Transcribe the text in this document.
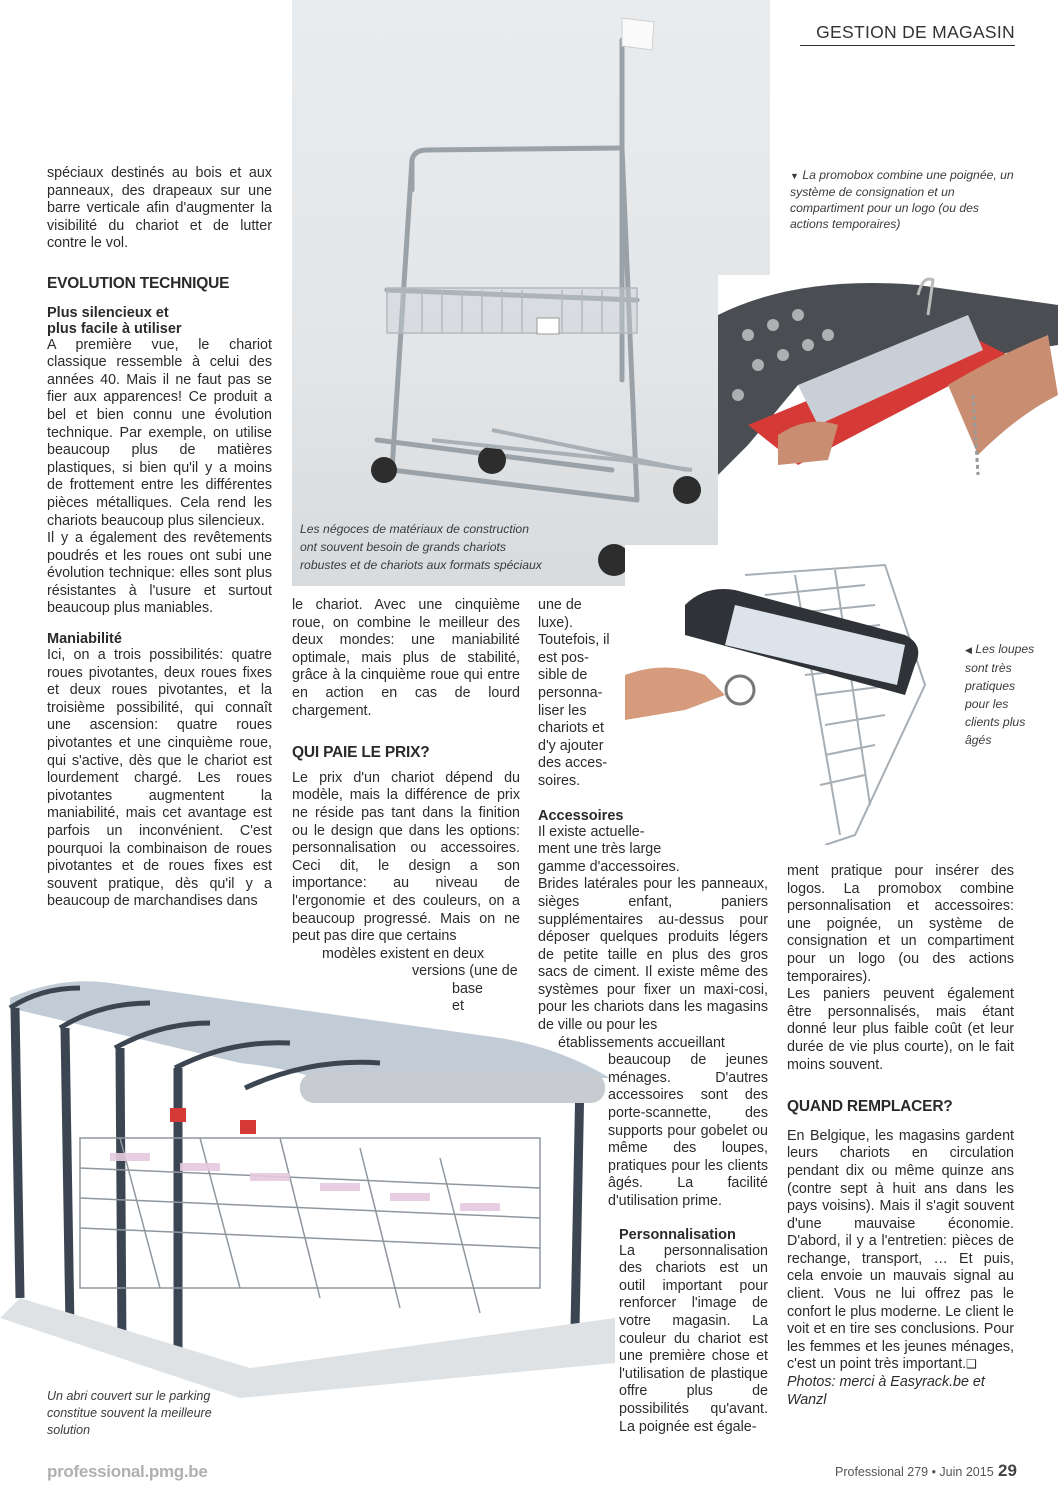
GESTION DE MAGASIN
Les négoces de matériaux de construction ont souvent besoin de grands chariots robustes et de chariots aux formats spéciaux
▼ La promobox combine une poignée, un système de consignation et un compartiment pour un logo (ou des actions temporaires)
◀ Les loupes sont très pratiques pour les clients plus âgés
Un abri couvert sur le parking constitue souvent la meilleure solution

spéciaux destinés au bois et aux panneaux, des drapeaux sur une barre verticale afin d'augmenter la visibilité du chariot et de lutter contre le vol.

EVOLUTION TECHNIQUE

Plus silencieux et

plus facile à utiliser

A première vue, le chariot classique ressemble à celui des années 40. Mais il ne faut pas se fier aux apparences! Ce produit a bel et bien connu une évolution technique. Par exemple, on utilise beaucoup plus de matières plastiques, si bien qu'il y a moins de frottement entre les différentes pièces métalliques. Cela rend les chariots beaucoup plus silencieux.

Il y a également des revêtements poudrés et les roues ont subi une évolution technique: elles sont plus résistantes à l'usure et surtout beaucoup plus maniables.

Maniabilité

Ici, on a trois possibilités: quatre roues pivotantes, deux roues fixes et deux roues pivotantes, et la troisième possibilité, qui connaît une ascension: quatre roues pivotantes et une cinquième roue, qui s'active, dès que le chariot est lourdement chargé. Les roues pivotantes augmentent la maniabilité, mais cet avantage est parfois un inconvénient. C'est pourquoi la combinaison de roues pivotantes et de roues fixes est souvent pratique, dès qu'il y a beaucoup de marchandises dans

le chariot. Avec une cinquième roue, on combine le meilleur des deux mondes: une maniabilité optimale, mais plus de stabilité, grâce à la cinquième roue qui entre en action en cas de lourd chargement.

QUI PAIE LE PRIX?

Le prix d'un chariot dépend du modèle, mais la différence de prix ne réside pas tant dans la finition ou le design que dans les options: personnalisation ou accessoires. Ceci dit, le design a son importance: au niveau de l'ergonomie et des couleurs, on a beaucoup progressé. Mais on ne peut pas dire que certains

modèles existent en deux

versions (une de

base et

une de luxe).

Toutefois, il

est pos-

sible de

personna-

liser les

chariots et

d'y ajouter

des acces-

soires.

Accessoires

Il existe actuelle-

ment une très large

gamme d'accessoires.

Brides latérales pour les panneaux, sièges enfant, paniers supplémentaires au-dessus pour déposer quelques produits légers de petite taille en plus des gros sacs de ciment. Il existe même des systèmes pour fixer un maxi-cosi, pour les chariots dans les magasins de ville ou pour les

établissements accueillant

beaucoup de jeunes ménages. D'autres accessoires sont des porte-scannette, des supports pour gobelet ou même des loupes, pratiques pour les clients âgés. La facilité d'utilisation prime.

Personnalisation

La personnalisation des chariots est un outil important pour renforcer l'image de votre magasin. La couleur du chariot est une première chose et l'utilisation de plastique offre plus de possibilités qu'avant. La poignée est égale-

ment pratique pour insérer des logos. La promobox combine personnalisation et accessoires: une poignée, un système de consignation et un compartiment pour un logo (ou des actions temporaires).

Les paniers peuvent également être personnalisés, mais étant donné leur plus faible coût (et leur durée de vie plus courte), on le fait moins souvent.

QUAND REMPLACER?

En Belgique, les magasins gardent leurs chariots en circulation pendant dix ou même quinze ans (contre sept à huit ans dans les pays voisins). Mais il s'agit souvent d'une mauvaise économie. D'abord, il y a l'entretien: pièces de rechange, transport, … Et puis, cela envoie un mauvais signal au client. Vous ne lui offrez pas le confort le plus moderne. Le client le voit et en tire ses conclusions. Pour les femmes et les jeunes ménages, c'est un point très important.❑

Photos: merci à Easyrack.be et Wanzl

professional.pmg.be	Professional 279 • Juin 2015 29
